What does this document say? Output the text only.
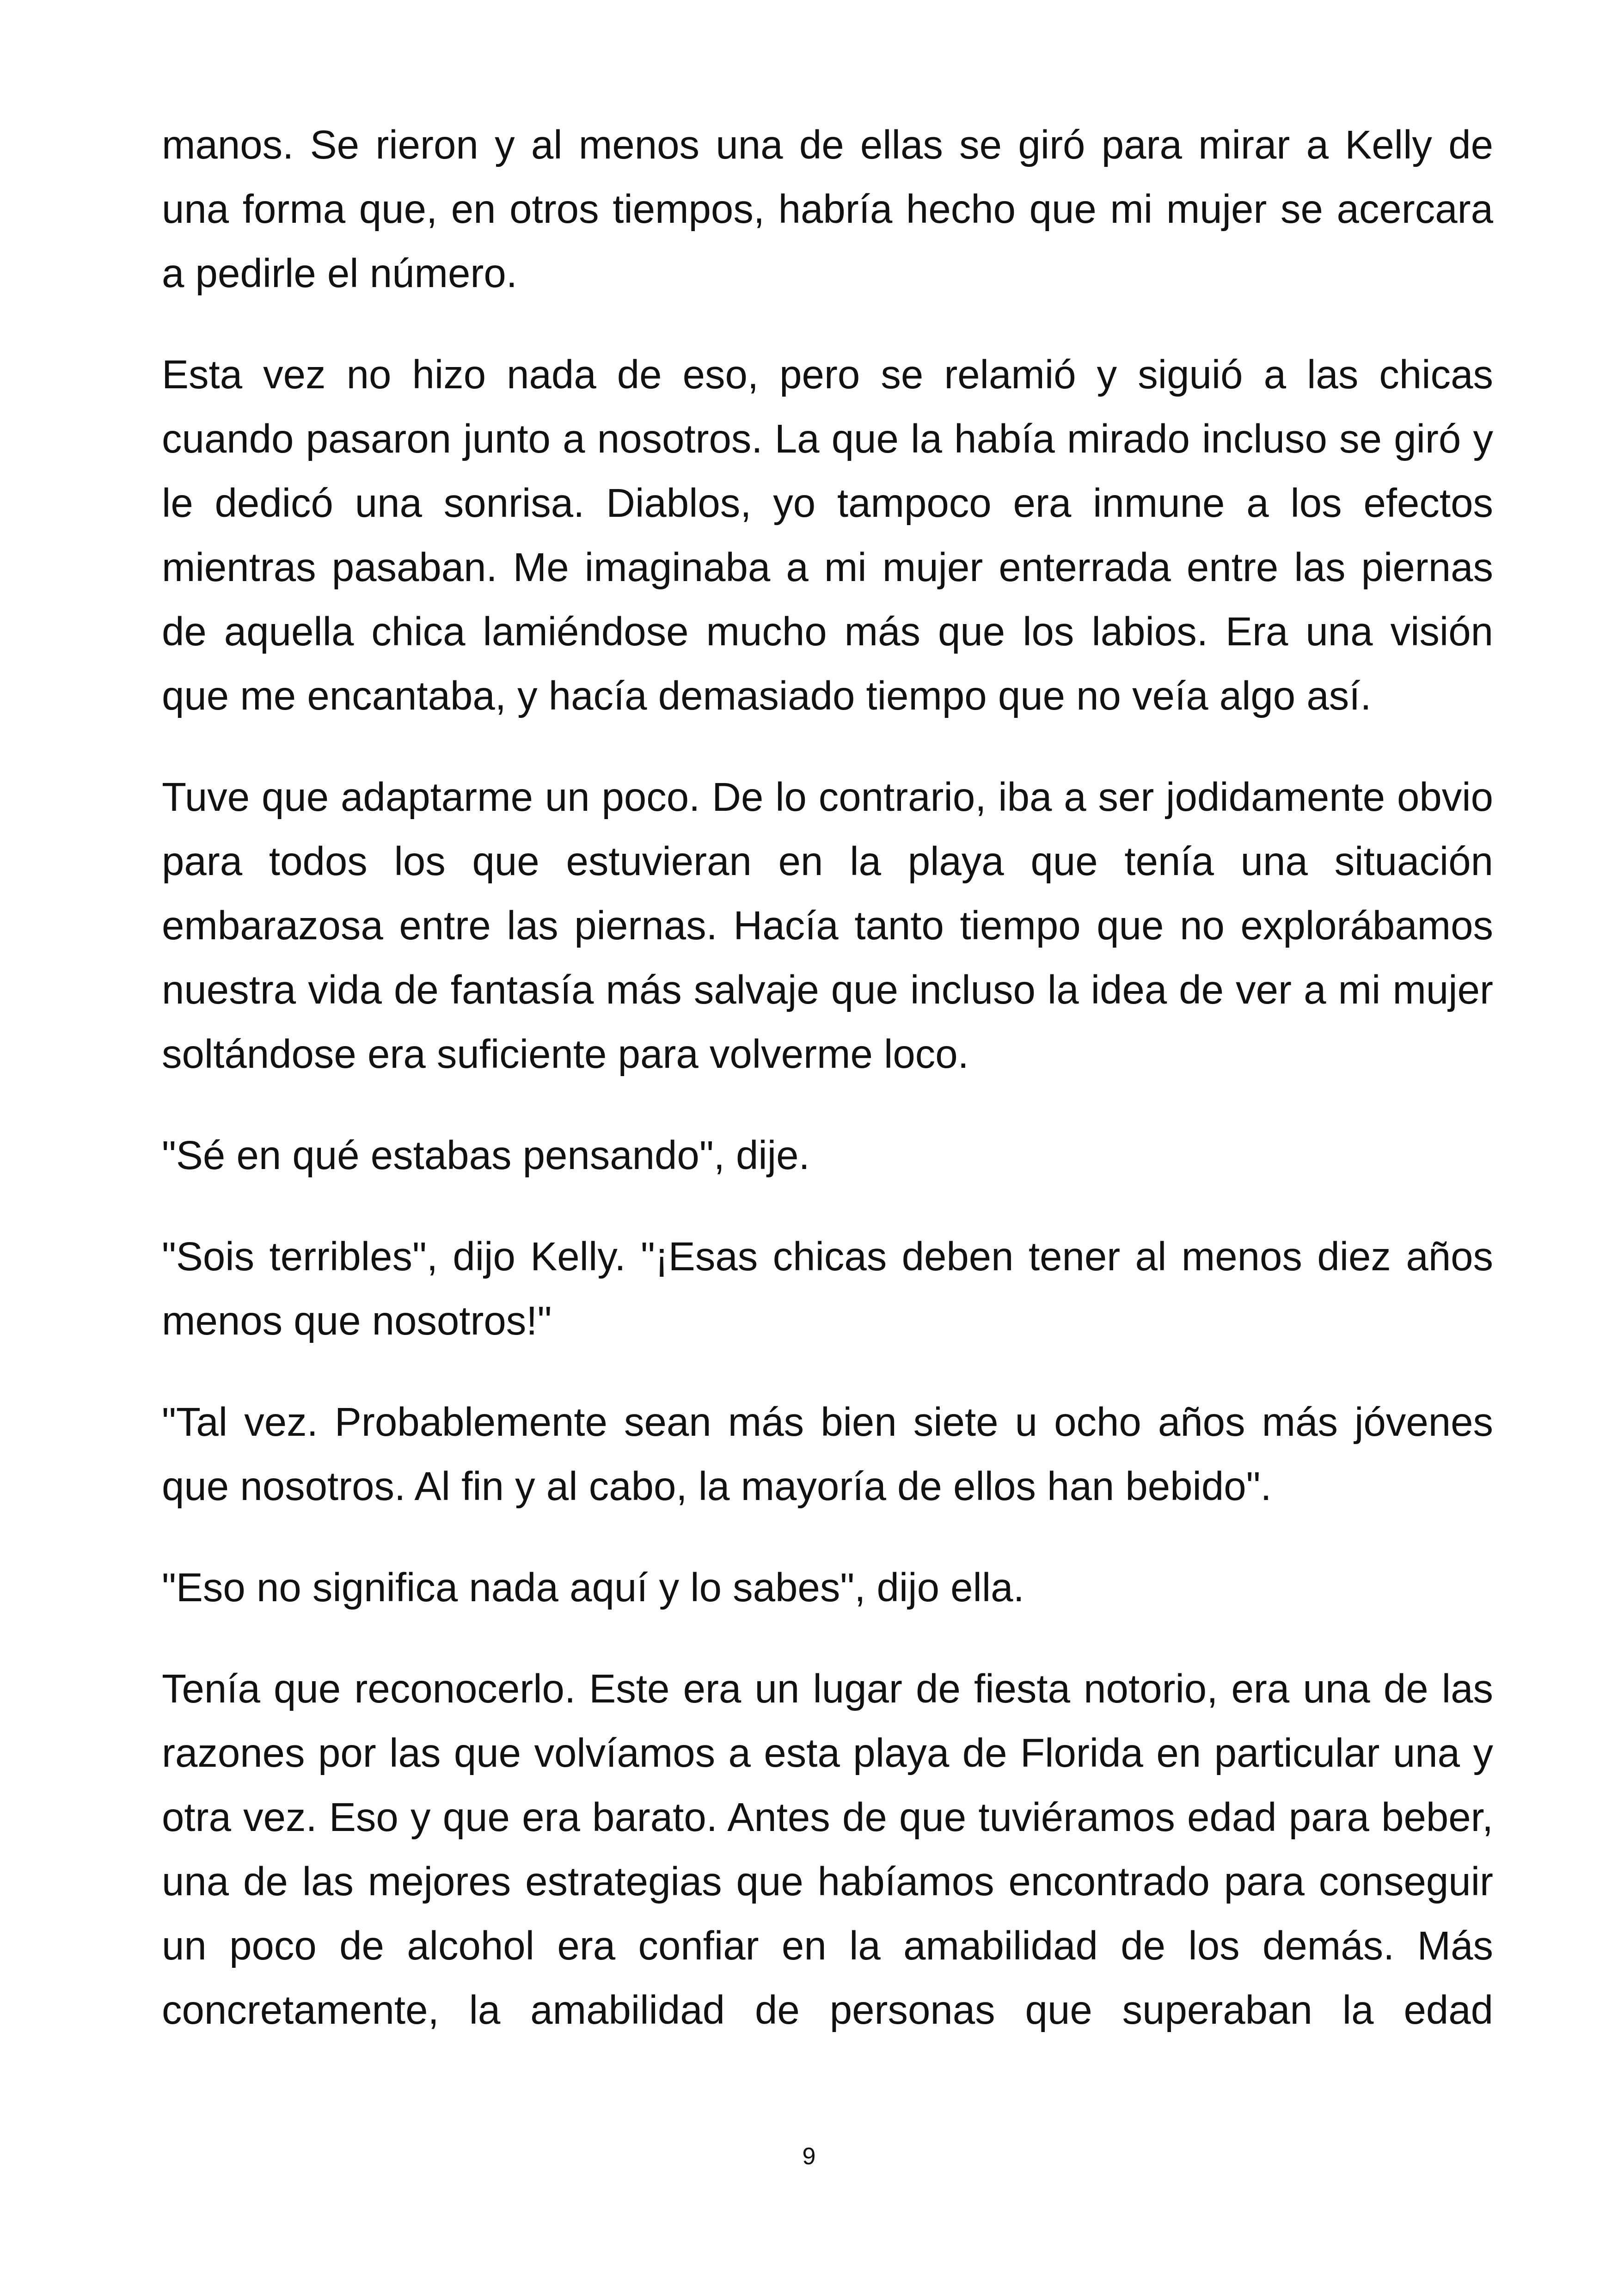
manos. Se rieron y al menos una de ellas se giró para mirar a Kelly de una forma que, en otros tiempos, habría hecho que mi mujer se acercara a pedirle el número.

Esta vez no hizo nada de eso, pero se relamió y siguió a las chicas cuando pasaron junto a nosotros. La que la había mirado incluso se giró y le dedicó una sonrisa. Diablos, yo tampoco era inmune a los efectos mientras pasaban. Me imaginaba a mi mujer enterrada entre las piernas de aquella chica lamiéndose mucho más que los labios. Era una visión que me encantaba, y hacía demasiado tiempo que no veía algo así.

Tuve que adaptarme un poco. De lo contrario, iba a ser jodidamente obvio para todos los que estuvieran en la playa que tenía una situación embarazosa entre las piernas. Hacía tanto tiempo que no explorábamos nuestra vida de fantasía más salvaje que incluso la idea de ver a mi mujer soltándose era suficiente para volverme loco.

"Sé en qué estabas pensando", dije.

"Sois terribles", dijo Kelly. "¡Esas chicas deben tener al menos diez años menos que nosotros!"

"Tal vez. Probablemente sean más bien siete u ocho años más jóvenes que nosotros. Al fin y al cabo, la mayoría de ellos han bebido".

"Eso no significa nada aquí y lo sabes", dijo ella.

Tenía que reconocerlo. Este era un lugar de fiesta notorio, era una de las razones por las que volvíamos a esta playa de Florida en particular una y otra vez. Eso y que era barato. Antes de que tuviéramos edad para beber, una de las mejores estrategias que habíamos encontrado para conseguir un poco de alcohol era confiar en la amabilidad de los demás. Más concretamente, la amabilidad de personas que superaban la edad

9
